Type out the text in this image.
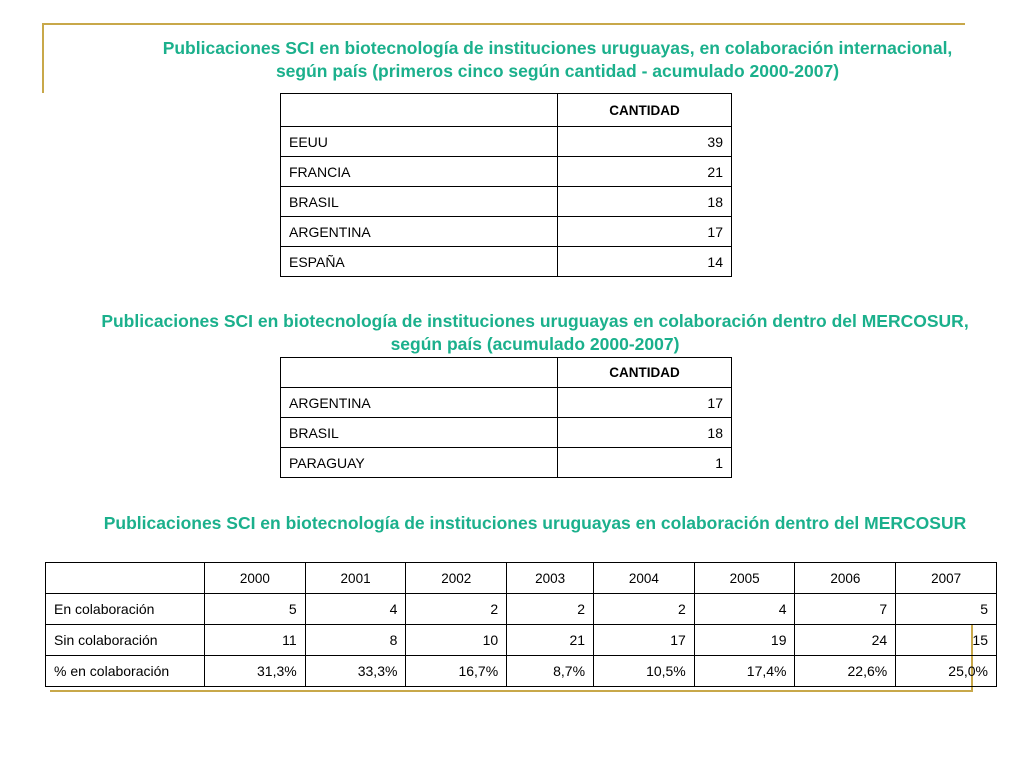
Publicaciones SCI en biotecnología de instituciones uruguayas, en colaboración internacional, según país (primeros cinco según cantidad - acumulado 2000-2007)

	CANTIDAD
EEUU	39
FRANCIA	21
BRASIL	18
ARGENTINA	17
ESPAÑA	14

Publicaciones SCI en biotecnología de instituciones uruguayas en colaboración dentro del MERCOSUR, según país (acumulado 2000-2007)

	CANTIDAD
ARGENTINA	17
BRASIL	18
PARAGUAY	1

Publicaciones SCI en biotecnología de instituciones uruguayas en colaboración dentro del MERCOSUR

	2000	2001	2002	2003	2004	2005	2006	2007
En colaboración	5	4	2	2	2	4	7	5
Sin colaboración	11	8	10	21	17	19	24	15
% en colaboración	31,3%	33,3%	16,7%	8,7%	10,5%	17,4%	22,6%	25,0%
